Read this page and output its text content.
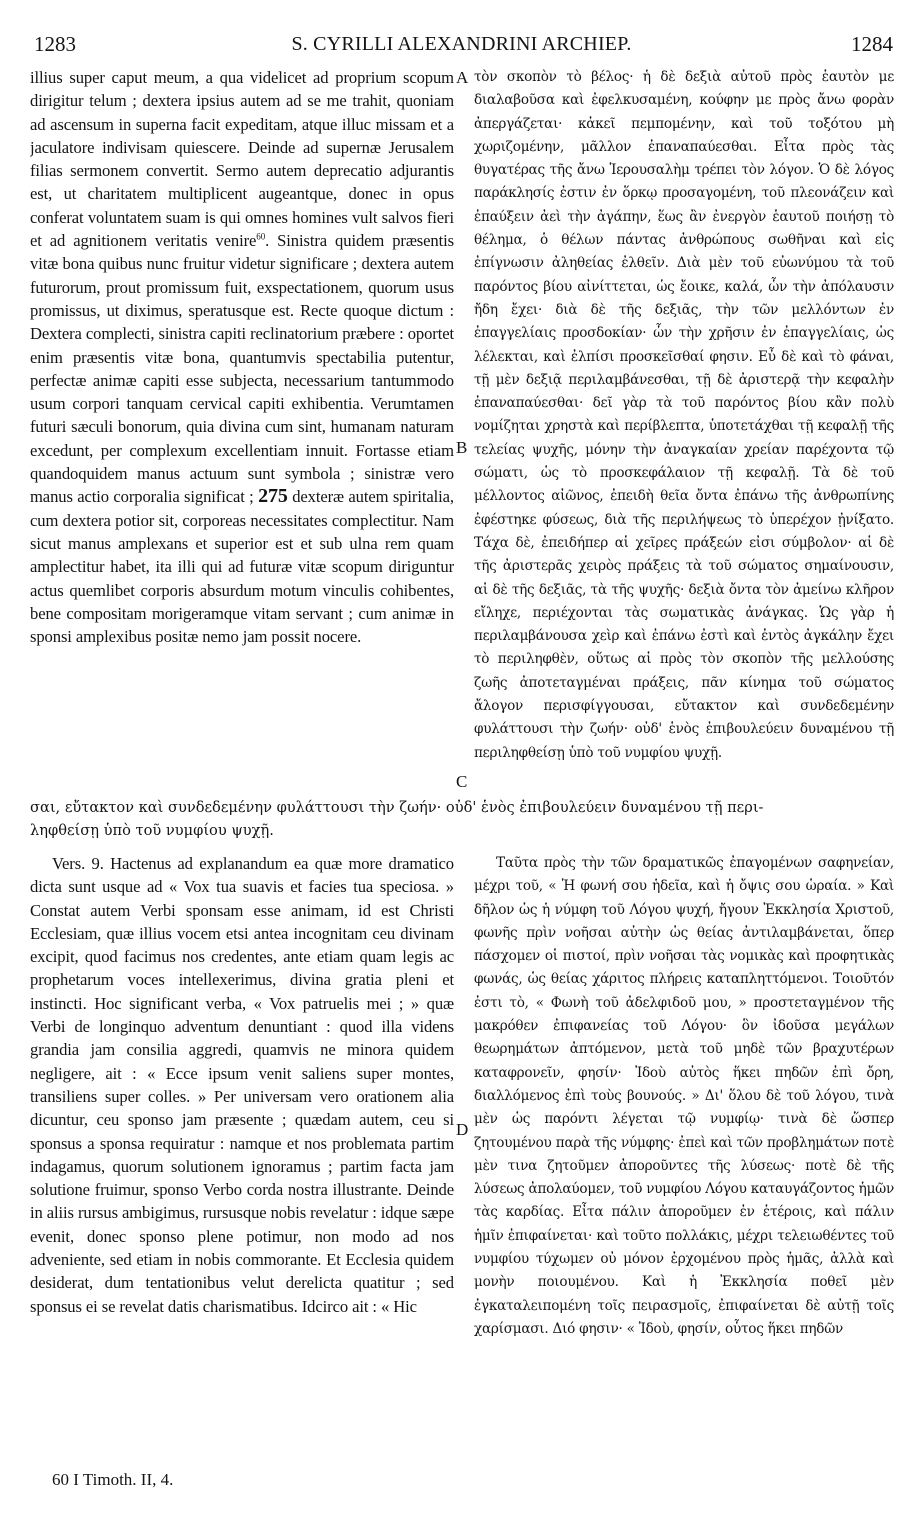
1283	S. CYRILLI ALEXANDRINI ARCHIEP.	1284

illius super caput meum, a qua videlicet ad proprium scopum dirigitur telum ; dextera ipsius autem ad se me trahit, quoniam ad ascensum in superna facit expeditam, atque illuc missam et a jaculatore indivisam quiescere. Deinde ad supernæ Jerusalem filias sermonem convertit. Sermo autem deprecatio adjurantis est, ut charitatem multiplicent augeantque, donec in opus conferat voluntatem suam is qui omnes homines vult salvos fieri et ad agnitionem veritatis venire$^{60}$. Sinistra quidem præsentis vitæ bona quibus nunc fruitur videtur significare ; dextera autem futurorum, prout promissum fuit, exspectationem, quorum usus promissus, ut diximus, speratusque est. Recte quoque dictum : Dextera complecti, sinistra capiti reclinatorium præbere : oportet enim præsentis vitæ bona, quantumvis spectabilia putentur, perfectæ animæ capiti esse subjecta, necessarium tantummodo usum corpori tanquam cervical capiti exhibentia. Verumtamen futuri sæculi bonorum, quia divina cum sint, humanam naturam excedunt, per complexum excellentiam innuit. Fortasse etiam quandoquidem manus actuum sunt symbola ; sinistræ vero manus actio corporalia significat ; 275 dexteræ autem spiritalia, cum dextera potior sit, corporeas necessitates complectitur. Nam sicut manus amplexans et superior est et sub ulna rem quam amplectitur habet, ita illi qui ad futuræ vitæ scopum diriguntur actus quemlibet corporis absurdum motum vinculis cohibentes, bene compositam morigeramque vitam servant ; cum animæ in sponsi amplexibus positæ nemo jam possit nocere.

τὸν σκοπὸν τὸ βέλος· ἡ δὲ δεξιὰ αὐτοῦ πρὸς ἑαυτὸν με διαλαβοῦσα καὶ ἐφελκυσαμένη, κούφην με πρὸς ἄνω φορὰν ἀπεργάζεται· κἀκεῖ πεμπομένην, καὶ τοῦ τοξότου μὴ χωριζομένην, μᾶλλον ἐπαναπαύεσθαι. Εἶτα πρὸς τὰς θυγατέρας τῆς ἄνω Ἱερουσαλὴμ τρέπει τὸν λόγον. Ὁ δὲ λόγος παράκλησίς ἐστιν ἐν ὅρκῳ προσαγομένη, τοῦ πλεονάζειν καὶ ἐπαύξειν ἀεὶ τὴν ἀγάπην, ἕως ἂν ἐνεργὸν ἑαυτοῦ ποιήσῃ τὸ θέλημα, ὁ θέλων πάντας ἀνθρώπους σωθῆναι καὶ εἰς ἐπίγνωσιν ἀληθείας ἐλθεῖν. Διὰ μὲν τοῦ εὐωνύμου τὰ τοῦ παρόντος βίου αἰνίττεται, ὡς ἔοικε, καλά, ὧν τὴν ἀπόλαυσιν ἤδη ἔχει· διὰ δὲ τῆς δεξιᾶς, τὴν τῶν μελλόντων ἐν ἐπαγγελίαις προσδοκίαν· ὧν τὴν χρῆσιν ἐν ἐπαγγελίαις, ὡς λέλεκται, καὶ ἐλπίσι προσκεῖσθαί φησιν. Εὖ δὲ καὶ τὸ φάναι, τῇ μὲν δεξιᾷ περιλαμβάνεσθαι, τῇ δὲ ἀριστερᾷ τὴν κεφαλὴν ἐπαναπαύεσθαι· δεῖ γὰρ τὰ τοῦ παρόντος βίου κἂν πολὺ νομίζηται χρηστὰ καὶ περίβλεπτα, ὑποτετάχθαι τῇ κεφαλῇ τῆς τελείας ψυχῆς, μόνην τὴν ἀναγκαίαν χρείαν παρέχοντα τῷ σώματι, ὡς τὸ προσκεφάλαιον τῇ κεφαλῇ. Τὰ δὲ τοῦ μέλλοντος αἰῶνος, ἐπειδὴ θεῖα ὄντα ἐπάνω τῆς ἀνθρωπίνης ἐφέστηκε φύσεως, διὰ τῆς περιλήψεως τὸ ὑπερέχον ᾐνίξατο. Τάχα δὲ, ἐπειδήπερ αἱ χεῖρες πράξεών εἰσι σύμβολον· αἱ δὲ τῆς ἀριστερᾶς χειρὸς πράξεις τὰ τοῦ σώματος σημαίνουσιν, αἱ δὲ τῆς δεξιᾶς, τὰ τῆς ψυχῆς· δεξιὰ ὄντα τὸν ἀμείνω κλῆρον εἴληχε, περιέχονται τὰς σωματικὰς ἀνάγκας. Ὡς γὰρ ἡ περιλαμβάνουσα χεὶρ καὶ ἐπάνω ἐστὶ καὶ ἐντὸς ἀγκάλην ἔχει τὸ περιληφθὲν, οὕτως αἱ πρὸς τὸν σκοπὸν τῆς μελλούσης ζωῆς ἀποτεταγμέναι πράξεις, πᾶν κίνημα τοῦ σώματος ἄλογον περισφίγγουσαι, εὔτακτον καὶ συνδεδεμένην φυλάττουσι τὴν ζωήν· οὐδ' ἑνὸς ἐπιβουλεύειν δυναμένου τῇ περιληφθείσῃ ὑπὸ τοῦ νυμφίου ψυχῇ.

σαι, εὔτακτον καὶ συνδεδεμένην φυλάττουσι τὴν ζωήν· οὐδ' ἑνὸς ἐπιβουλεύειν δυναμένου τῇ περι-
ληφθείσῃ ὑπὸ τοῦ νυμφίου ψυχῇ.

Vers. 9. Hactenus ad explanandum ea quæ more dramatico dicta sunt usque ad « Vox tua suavis et facies tua speciosa. » Constat autem Verbi sponsam esse animam, id est Christi Ecclesiam, quæ illius vocem etsi antea incognitam ceu divinam excipit, quod facimus nos credentes, ante etiam quam legis ac prophetarum voces intellexerimus, divina gratia pleni et instincti. Hoc significant verba, « Vox patruelis mei ; » quæ Verbi de longinquo adventum denuntiant : quod illa videns grandia jam consilia aggredi, quamvis ne minora quidem negligere, ait : « Ecce ipsum venit saliens super montes, transiliens super colles. » Per universam vero orationem alia dicuntur, ceu sponso jam præsente ; quædam autem, ceu si sponsus a sponsa requiratur : namque et nos problemata partim indagamus, quorum solutionem ignoramus ; partim facta jam solutione fruimur, sponso Verbo corda nostra illustrante. Deinde in aliis rursus ambigimus, rursusque nobis revelatur : idque sæpe evenit, donec sponso plene potimur, non modo ad nos adveniente, sed etiam in nobis commorante. Et Ecclesia quidem desiderat, dum tentationibus velut derelicta quatitur ; sed sponsus ei se revelat datis charismatibus. Idcirco ait : « Hic

Ταῦτα πρὸς τὴν τῶν δραματικῶς ἐπαγομένων σαφηνείαν, μέχρι τοῦ, « Ἡ φωνή σου ἡδεῖα, καὶ ἡ ὄψις σου ὡραία. » Καὶ δῆλον ὡς ἡ νύμφη τοῦ Λόγου ψυχή, ἤγουν Ἐκκλησία Χριστοῦ, φωνῆς πρὶν νοῆσαι αὐτὴν ὡς θείας ἀντιλαμβάνεται, ὅπερ πάσχομεν οἱ πιστοί, πρὶν νοῆσαι τὰς νομικὰς καὶ προφητικὰς φωνάς, ὡς θείας χάριτος πλήρεις καταπληττόμενοι. Τοιοῦτόν ἐστι τὸ, « Φωνὴ τοῦ ἀδελφιδοῦ μου, » προστεταγμένον τῆς μακρόθεν ἐπιφανείας τοῦ Λόγου· ὃν ἰδοῦσα μεγάλων θεωρημάτων ἀπτόμενον, μετὰ τοῦ μηδὲ τῶν βραχυτέρων καταφρονεῖν, φησίν· Ἰδοὺ αὐτὸς ἥκει πηδῶν ἐπὶ ὄρη, διαλλόμενος ἐπὶ τοὺς βουνούς. » Δι' ὅλου δὲ τοῦ λόγου, τινὰ μὲν ὡς παρόντι λέγεται τῷ νυμφίῳ· τινὰ δὲ ὥσπερ ζητουμένου παρὰ τῆς νύμφης· ἐπεὶ καὶ τῶν προβλημάτων ποτὲ μὲν τινα ζητοῦμεν ἀποροῦντες τῆς λύσεως· ποτὲ δὲ τῆς λύσεως ἀπολαύομεν, τοῦ νυμφίου Λόγου καταυγάζοντος ἡμῶν τὰς καρδίας. Εἶτα πάλιν ἀποροῦμεν ἐν ἑτέροις, καὶ πάλιν ἡμῖν ἐπιφαίνεται· καὶ τοῦτο πολλάκις, μέχρι τελειωθέντες τοῦ νυμφίου τύχωμεν οὐ μόνον ἐρχομένου πρὸς ἡμᾶς, ἀλλὰ καὶ μονὴν ποιουμένου. Καὶ ἡ Ἐκκλησία ποθεῖ μὲν ἐγκαταλειπομένη τοῖς πειρασμοῖς, ἐπιφαίνεται δὲ αὐτῇ τοῖς χαρίσμασι. Διό φησιν· « Ἰδοὺ, φησίν, οὗτος ἥκει πηδῶν

A
B
C
D
60 I Timoth. II, 4.
